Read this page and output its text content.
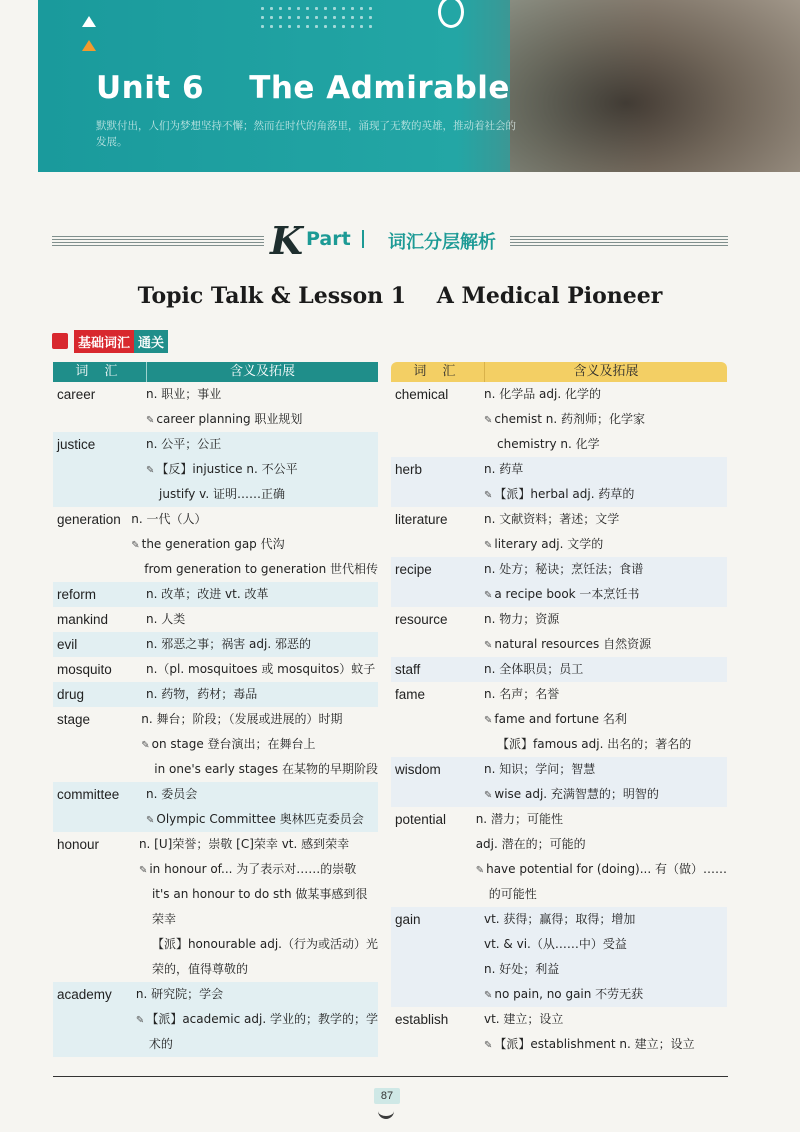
Unit 6    The Admirable
默默付出，人们为梦想坚持不懈；然而在时代的角落里，涌现了无数的英雄，推动着社会的发展。
K Part 词汇分层解析
Topic Talk & Lesson 1    A Medical Pioneer
基础词汇 通关
词 汇	含义及拓展
career	n. 职业；事业
✎ career planning 职业规划
justice	n. 公平；公正
✎ 【反】injustice n. 不公平
justify v. 证明……正确
generation n. 一代（人）
✎ the generation gap 代沟
from generation to generation 世代相传
reform	n. 改革；改进 vt. 改革
mankind	n. 人类
evil	n. 邪恶之事；祸害 adj. 邪恶的
mosquito	n.（pl. mosquitoes 或 mosquitos）蚊子
drug	n. 药物，药材；毒品
stage	n. 舞台；阶段；（发展或进展的）时期
✎ on stage 登台演出；在舞台上
in one's early stages 在某物的早期阶段
committee	n. 委员会
✎ Olympic Committee 奥林匹克委员会
honour	n. [U]荣誉；崇敬 [C]荣幸 vt. 感到荣幸
✎ in honour of... 为了表示对……的崇敬
it's an honour to do sth 做某事感到很
荣幸
【派】honourable adj.（行为或活动）光
荣的，值得尊敬的
academy	n. 研究院；学会
✎ 【派】academic adj. 学业的；教学的；学
术的
词 汇	含义及拓展
chemical	n. 化学品 adj. 化学的
✎ chemist n. 药剂师；化学家
chemistry n. 化学
herb	n. 药草
✎ 【派】herbal adj. 药草的
literature	n. 文献资料；著述；文学
✎ literary adj. 文学的
recipe	n. 处方；秘诀；烹饪法；食谱
✎ a recipe book 一本烹饪书
resource	n. 物力；资源
✎ natural resources 自然资源
staff	n. 全体职员；员工
fame	n. 名声；名誉
✎ fame and fortune 名利
【派】famous adj. 出名的；著名的
wisdom	n. 知识；学问；智慧
✎ wise adj. 充满智慧的；明智的
potential	n. 潜力；可能性
adj. 潜在的；可能的
✎ have potential for (doing)... 有（做）……
的可能性
gain	vt. 获得；赢得；取得；增加
vt. & vi.（从……中）受益
n. 好处；利益
✎ no pain, no gain 不劳无获
establish	vt. 建立；设立
✎ 【派】establishment n. 建立；设立
87
